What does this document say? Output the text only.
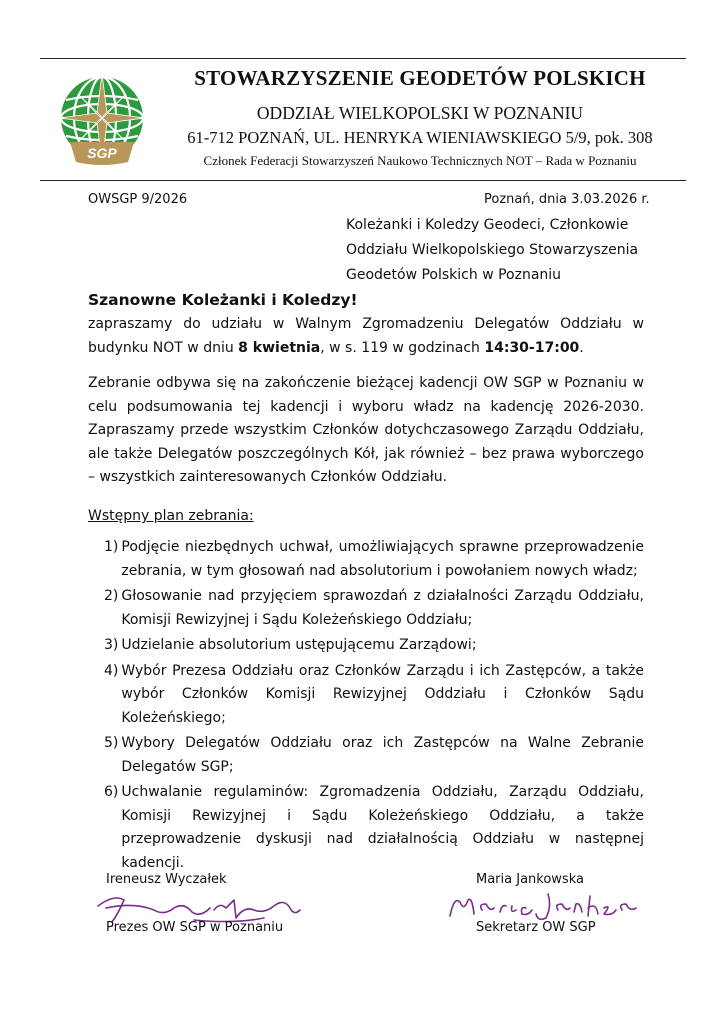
SGP
STOWARZYSZENIE GEODETÓW POLSKICH
ODDZIAŁ WIELKOPOLSKI W POZNANIU
61-712 POZNAŃ, UL. HENRYKA WIENIAWSKIEGO 5/9, pok. 308
Członek Federacji Stowarzyszeń Naukowo Technicznych NOT – Rada w Poznaniu
OWSGP 9/2026	Poznań, dnia 3.03.2026 r.
Koleżanki i Koledzy Geodeci, Członkowie
Oddziału Wielkopolskiego Stowarzyszenia
Geodetów Polskich w Poznaniu
Szanowne Koleżanki i Koledzy!
zapraszamy do udziału w Walnym Zgromadzeniu Delegatów Oddziału w budynku NOT w dniu 8 kwietnia, w s. 119 w godzinach 14:30-17:00.
Zebranie odbywa się na zakończenie bieżącej kadencji OW SGP w Poznaniu w celu podsumowania tej kadencji i wyboru władz na kadencję 2026-2030. Zapraszamy przede wszystkim Członków dotychczasowego Zarządu Oddziału, ale także Delegatów poszczególnych Kół, jak również – bez prawa wyborczego – wszystkich zainteresowanych Członków Oddziału.
Wstępny plan zebrania:
1) Podjęcie niezbędnych uchwał, umożliwiających sprawne przeprowadzenie zebrania, w tym głosowań nad absolutorium i powołaniem nowych władz;
2) Głosowanie nad przyjęciem sprawozdań z działalności Zarządu Oddziału, Komisji Rewizyjnej i Sądu Koleżeńskiego Oddziału;
3) Udzielanie absolutorium ustępującemu Zarządowi;
4) Wybór Prezesa Oddziału oraz Członków Zarządu i ich Zastępców, a także wybór Członków Komisji Rewizyjnej Oddziału i Członków Sądu Koleżeńskiego;
5) Wybory Delegatów Oddziału oraz ich Zastępców na Walne Zebranie Delegatów SGP;
6) Uchwalanie regulaminów: Zgromadzenia Oddziału, Zarządu Oddziału, Komisji Rewizyjnej i Sądu Koleżeńskiego Oddziału, a także przeprowadzenie dyskusji nad działalnością Oddziału w następnej kadencji.
Ireneusz Wyczałek
Prezes OW SGP w Poznaniu
Maria Jankowska
Sekretarz OW SGP
